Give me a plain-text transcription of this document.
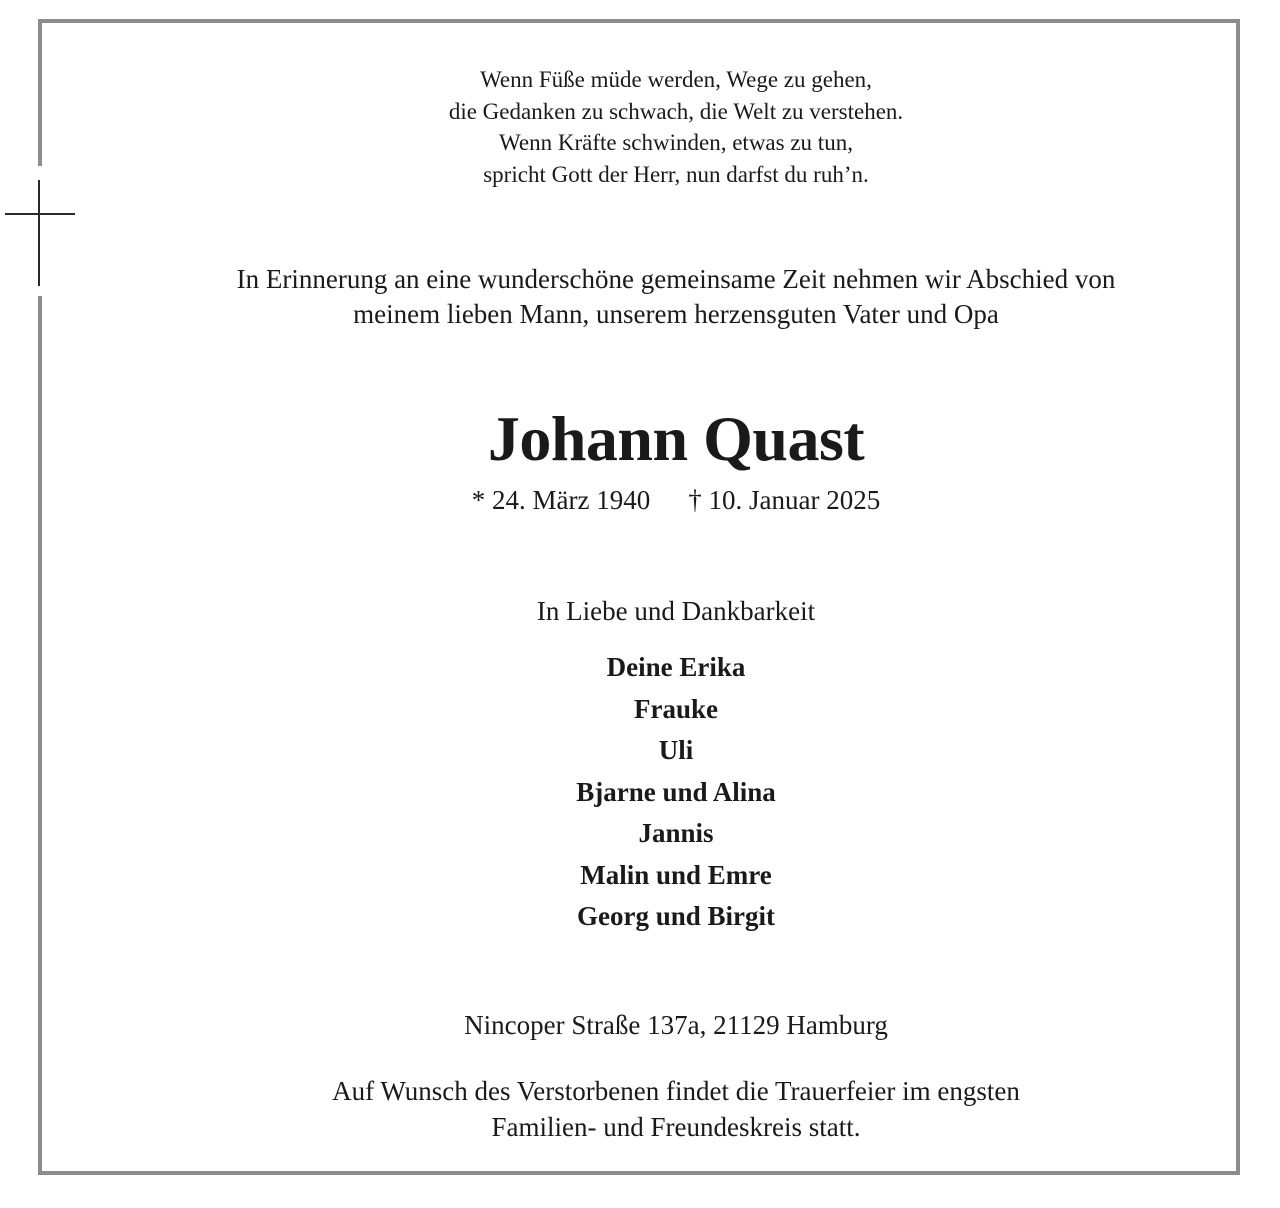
Wenn Füße müde werden, Wege zu gehen,
die Gedanken zu schwach, die Welt zu verstehen.
Wenn Kräfte schwinden, etwas zu tun,
spricht Gott der Herr, nun darfst du ruh’n.
In Erinnerung an eine wunderschöne gemeinsame Zeit nehmen wir Abschied von
meinem lieben Mann, unserem herzensguten Vater und Opa
Johann Quast
* 24. März 1940 † 10. Januar 2025
In Liebe und Dankbarkeit
Deine Erika
Frauke
Uli
Bjarne und Alina
Jannis
Malin und Emre
Georg und Birgit
Nincoper Straße 137a, 21129 Hamburg
Auf Wunsch des Verstorbenen findet die Trauerfeier im engsten
Familien- und Freundeskreis statt.
